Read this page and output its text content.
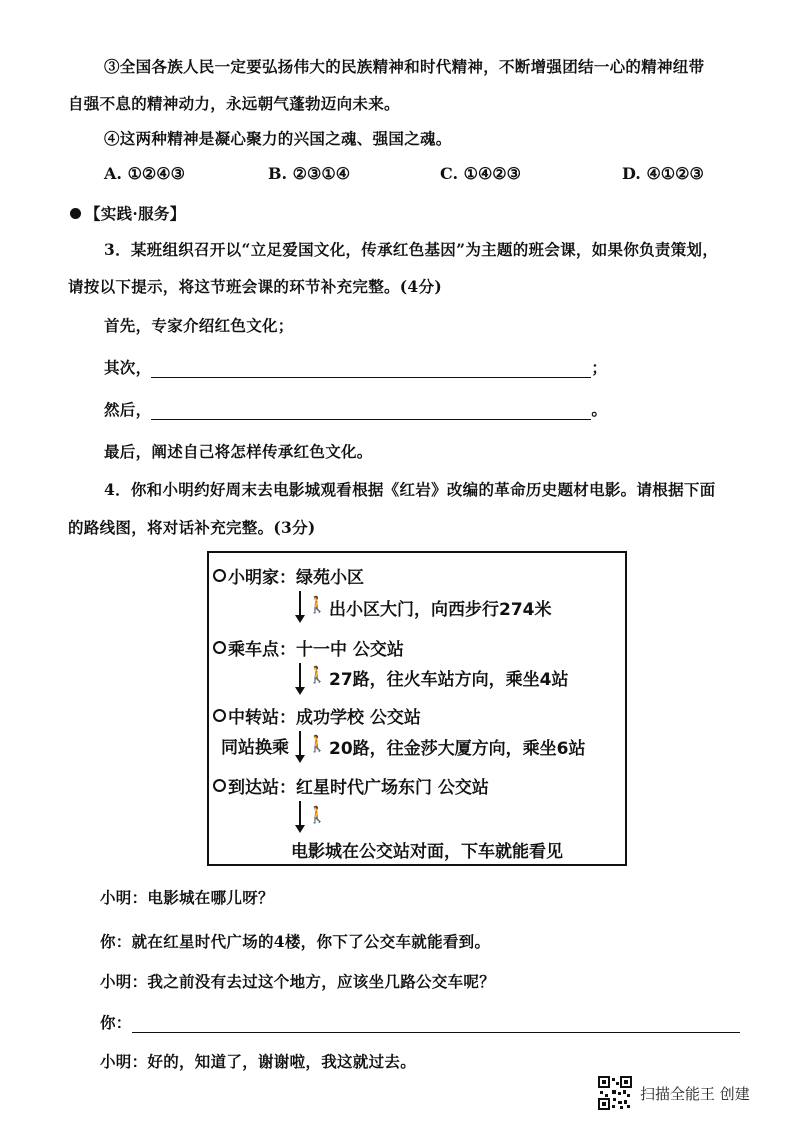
③全国各族人民一定要弘扬伟大的民族精神和时代精神，不断增强团结一心的精神纽带
自强不息的精神动力，永远朝气蓬勃迈向未来。
④这两种精神是凝心聚力的兴国之魂、强国之魂。
A. ①②④③	B. ②③①④	C. ①④②③	D. ④①②③
【实践·服务】
3．某班组织召开以“立足爱国文化，传承红色基因”为主题的班会课，如果你负责策划，
请按以下提示，将这节班会课的环节补充完整。(4分)
首先，专家介绍红色文化；
其次，	；
然后，	。
最后，阐述自己将怎样传承红色文化。
4．你和小明约好周末去电影城观看根据《红岩》改编的革命历史题材电影。请根据下面
的路线图，将对话补充完整。(3分)
小明家：绿苑小区
🚶 出小区大门，向西步行274米
乘车点：十一中 公交站
🚶 27路，往火车站方向，乘坐4站
中转站：成功学校 公交站
同站换乘 🚶 20路，往金莎大厦方向，乘坐6站
到达站：红星时代广场东门 公交站
🚶
电影城在公交站对面，下车就能看见
小明：电影城在哪儿呀？
你：就在红星时代广场的4楼，你下了公交车就能看到。
小明：我之前没有去过这个地方，应该坐几路公交车呢？
你：
小明：好的，知道了，谢谢啦，我这就过去。
扫描全能王 创建
